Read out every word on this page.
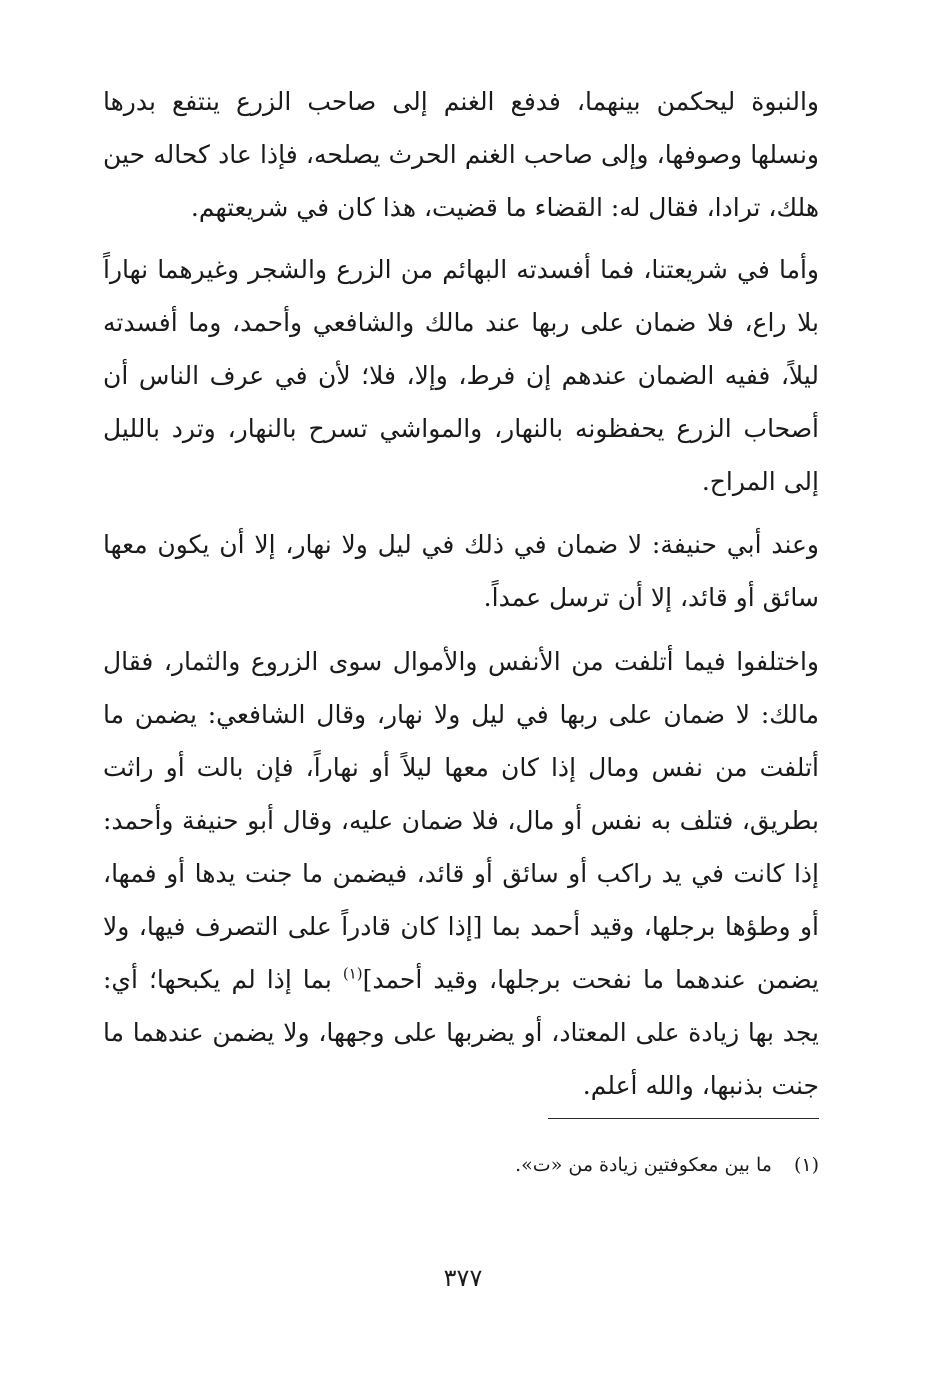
والنبوة ليحكمن بينهما، فدفع الغنم إلى صاحب الزرع ينتفع بدرها ونسلها وصوفها، وإلى صاحب الغنم الحرث يصلحه، فإذا عاد كحاله حين هلك، ترادا، فقال له: القضاء ما قضيت، هذا كان في شريعتهم.

وأما في شريعتنا، فما أفسدته البهائم من الزرع والشجر وغيرهما نهاراً بلا راع، فلا ضمان على ربها عند مالك والشافعي وأحمد، وما أفسدته ليلاً، ففيه الضمان عندهم إن فرط، وإلا، فلا؛ لأن في عرف الناس أن أصحاب الزرع يحفظونه بالنهار، والمواشي تسرح بالنهار، وترد بالليل إلى المراح.

وعند أبي حنيفة: لا ضمان في ذلك في ليل ولا نهار، إلا أن يكون معها سائق أو قائد، إلا أن ترسل عمداً.

واختلفوا فيما أتلفت من الأنفس والأموال سوى الزروع والثمار، فقال مالك: لا ضمان على ربها في ليل ولا نهار، وقال الشافعي: يضمن ما أتلفت من نفس ومال إذا كان معها ليلاً أو نهاراً، فإن بالت أو راثت بطريق، فتلف به نفس أو مال، فلا ضمان عليه، وقال أبو حنيفة وأحمد: إذا كانت في يد راكب أو سائق أو قائد، فيضمن ما جنت يدها أو فمها، أو وطؤها برجلها، وقيد أحمد بما [إذا كان قادراً على التصرف فيها، ولا يضمن عندهما ما نفحت برجلها، وقيد أحمد]$^{(١)}$ بما إذا لم يكبحها؛ أي: يجد بها زيادة على المعتاد، أو يضربها على وجهها، ولا يضمن عندهما ما جنت بذنبها، والله أعلم.

(١)ما بين معكوفتين زيادة من «ت».
٣٧٧
